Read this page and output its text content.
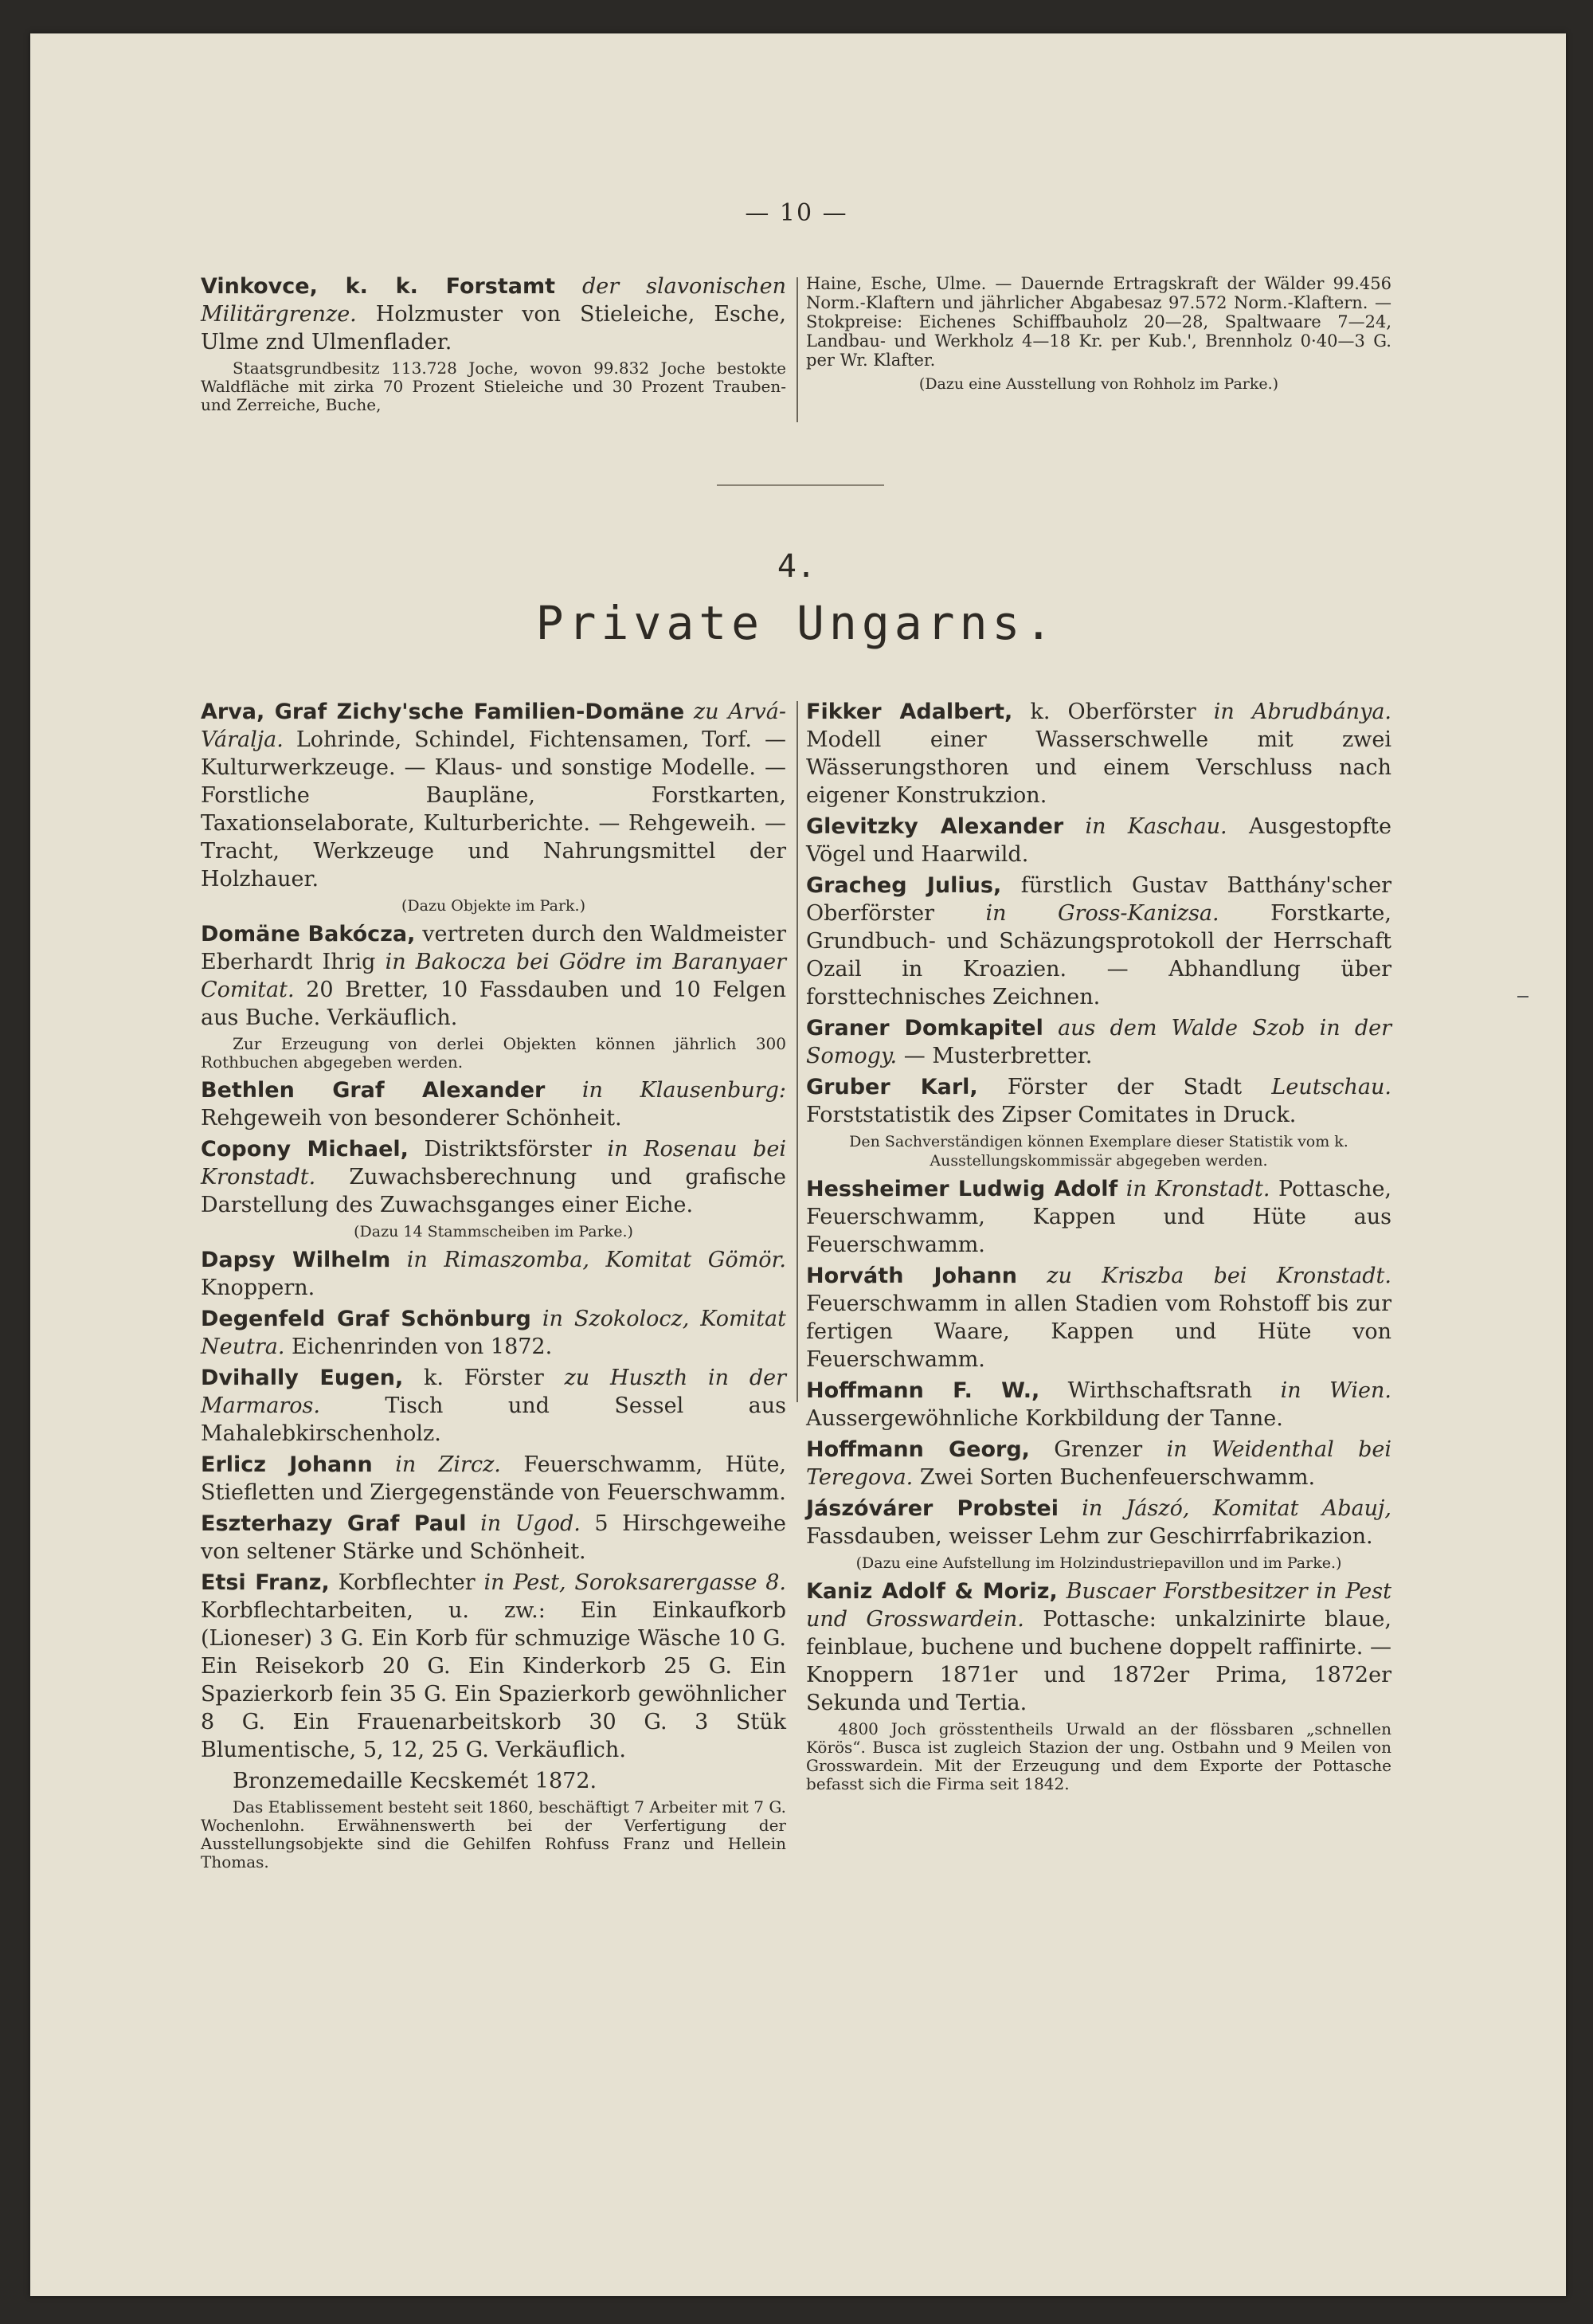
— 10 —
Vinkovce, k. k. Forstamt der slavonischen Militärgrenze. Holzmuster von Stieleiche, Esche, Ulme znd Ulmenflader.
Staatsgrundbesitz 113.728 Joche, wovon 99.832 Joche bestokte Waldfläche mit zirka 70 Prozent Stieleiche und 30 Prozent Trauben- und Zerreiche, Buche,
Haine, Esche, Ulme. — Dauernde Ertragskraft der Wälder 99.456 Norm.-Klaftern und jährlicher Abgabesaz 97.572 Norm.-Klaftern. — Stokpreise: Eichenes Schiffbauholz 20—28, Spaltwaare 7—24, Landbau- und Werkholz 4—18 Kr. per Kub.', Brennholz 0·40—3 G. per Wr. Klafter.
(Dazu eine Ausstellung von Rohholz im Parke.)
4.
Private Ungarns.
Arva, Graf Zichy'sche Familien-Domäne zu Arvá-Váralja. Lohrinde, Schindel, Fichtensamen, Torf. — Kulturwerkzeuge. — Klaus- und sonstige Modelle. — Forstliche Baupläne, Forstkarten, Taxationselaborate, Kulturberichte. — Rehgeweih. — Tracht, Werkzeuge und Nahrungsmittel der Holzhauer.
(Dazu Objekte im Park.)
Domäne Bakócza, vertreten durch den Waldmeister Eberhardt Ihrig in Bakocza bei Gödre im Baranyaer Comitat. 20 Bretter, 10 Fassdauben und 10 Felgen aus Buche. Verkäuflich.
Zur Erzeugung von derlei Objekten können jährlich 300 Rothbuchen abgegeben werden.
Bethlen Graf Alexander in Klausenburg: Rehgeweih von besonderer Schönheit.
Copony Michael, Distriktsförster in Rosenau bei Kronstadt. Zuwachsberechnung und grafische Darstellung des Zuwachsganges einer Eiche.
(Dazu 14 Stammscheiben im Parke.)
Dapsy Wilhelm in Rimaszomba, Komitat Gömör. Knoppern.
Degenfeld Graf Schönburg in Szokolocz, Komitat Neutra. Eichenrinden von 1872.
Dvihally Eugen, k. Förster zu Huszth in der Marmaros.	Tisch und Sessel aus Mahalebkirschenholz.
Erlicz Johann in Zircz. Feuerschwamm, Hüte, Stiefletten und Ziergegenstände von Feuerschwamm.
Eszterhazy Graf Paul in Ugod. 5 Hirschgeweihe von seltener Stärke und Schönheit.
Etsi Franz, Korbflechter in Pest, Soroksarergasse 8. Korbflechtarbeiten, u. zw.: Ein Einkaufkorb (Lioneser) 3 G. Ein Korb für schmuzige Wäsche 10 G. Ein Reisekorb 20 G. Ein Kinderkorb 25 G. Ein Spazierkorb fein 35 G. Ein Spazierkorb gewöhnlicher 8 G. Ein Frauenarbeitskorb 30 G. 3 Stük Blumentische, 5, 12, 25 G. Verkäuflich.
Bronzemedaille Kecskemét 1872.
Das Etablissement besteht seit 1860, beschäftigt 7 Arbeiter mit 7 G. Wochenlohn. Erwähnenswerth bei der Verfertigung der Ausstellungsobjekte sind die Gehilfen Rohfuss Franz und Hellein Thomas.
Fikker Adalbert, k. Oberförster in Abrudbánya. Modell einer Wasserschwelle mit zwei Wässerungsthoren und einem Verschluss nach eigener Konstrukzion.
Glevitzky Alexander in Kaschau. Ausgestopfte Vögel und Haarwild.
Gracheg Julius, fürstlich Gustav Batthány'scher Oberförster in Gross-Kanizsa. Forstkarte, Grundbuch- und Schäzungsprotokoll der Herrschaft Ozail in Kroazien. — Abhandlung über forsttechnisches Zeichnen.
Graner Domkapitel aus dem Walde Szob in der Somogy. — Musterbretter.
Gruber Karl, Förster der Stadt Leutschau. Forststatistik des Zipser Comitates in Druck.
Den Sachverständigen können Exemplare dieser Statistik vom k. Ausstellungskommissär abgegeben werden.
Hessheimer Ludwig Adolf in Kronstadt. Pottasche, Feuerschwamm, Kappen und Hüte aus Feuerschwamm.
Horváth Johann zu Kriszba bei Kronstadt. Feuerschwamm in allen Stadien vom Rohstoff bis zur fertigen Waare, Kappen und Hüte von Feuerschwamm.
Hoffmann F. W., Wirthschaftsrath in Wien. Aussergewöhnliche Korkbildung der Tanne.
Hoffmann Georg, Grenzer in Weidenthal bei Teregova. Zwei Sorten Buchenfeuerschwamm.
Jászóvárer Probstei in Jászó, Komitat Abauj, Fassdauben, weisser Lehm zur Geschirrfabrikazion.
(Dazu eine Aufstellung im Holzindustriepavillon und im Parke.)
Kaniz Adolf & Moriz, Buscaer Forstbesitzer in Pest und Grosswardein. Pottasche: unkalzinirte blaue, feinblaue, buchene und buchene doppelt raffinirte. — Knoppern 1871er und 1872er Prima, 1872er Sekunda und Tertia.
4800 Joch grösstentheils Urwald an der flössbaren „schnellen Körös“. Busca ist zugleich Stazion der ung. Ostbahn und 9 Meilen von Grosswardein. Mit der Erzeugung und dem Exporte der Pottasche befasst sich die Firma seit 1842.
